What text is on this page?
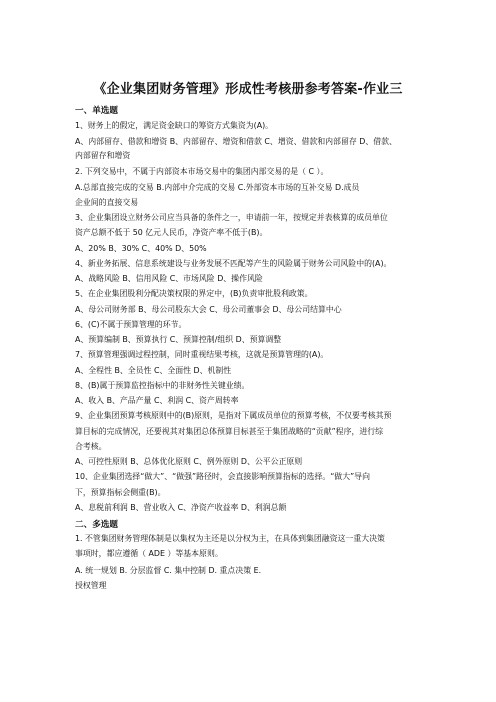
《企业集团财务管理》形成性考核册参考答案-作业三
一、单选题
1、财务上的假定，满足资金缺口的筹资方式集资为(A)。
A、内部留存、借款和增资 B、内部留存、增资和借款 C、增资、借款和内部留存 D、借款、
内部留存和增资
2. 下列交易中，不属于内部资本市场交易中的集团内部交易的是（ C ）。
A.总部直接完成的交易 B.内部中介完成的交易 C.外部资本市场的互补交易 D.成员
企业间的直接交易
3、企业集团设立财务公司应当具备的条件之一，申请前一年，按规定并表核算的成员单位
资产总额不低于 50 亿元人民币，净资产率不低于(B)。
A、20% B、30% C、40% D、50%
4、新业务拓展、信息系统建设与业务发展不匹配等产生的风险属于财务公司风险中的(A)。
A、战略风险 B、信用风险 C、市场风险 D、操作风险
5、在企业集团股利分配决策权限的界定中，(B)负责审批股利政策。
A、母公司财务部 B、母公司股东大会 C、母公司董事会 D、母公司结算中心
6、(C)不属于预算管理的环节。
A、预算编制 B、预算执行 C、预算控制/组织 D、预算调整
7、预算管理强调过程控制，同时重视结果考核，这就是预算管理的(A)。
A、全程性 B、全员性 C、全面性 D、机制性
8、(B)属于预算监控指标中的非财务性关键业绩。
A、收入 B、产品产量 C、利润 C、资产周转率
9、企业集团预算考核原则中的(B)原则，是指对下属成员单位的预算考核，不仅要考核其预
算目标的完成情况，还要视其对集团总体预算目标甚至于集团战略的“贡献”程序，进行综
合考核。
A、可控性原则 B、总体优化原则 C、例外原则 D、公平公正原则
10、企业集团选择“做大”、“做强”路径时，会直接影响预算指标的选择。“做大”导向
下，预算指标会侧重(B)。
A、息税前利润 B、营业收入 C、净资产收益率 D、利润总额
二、多选题
1. 不管集团财务管理体制是以集权为主还是以分权为主，在具体到集团融资这一重大决策
事项时，都应遵循（ ADE ）等基本原则。
A. 统一规划 B. 分层监督 C. 集中控制 D. 重点决策 E.
授权管理
